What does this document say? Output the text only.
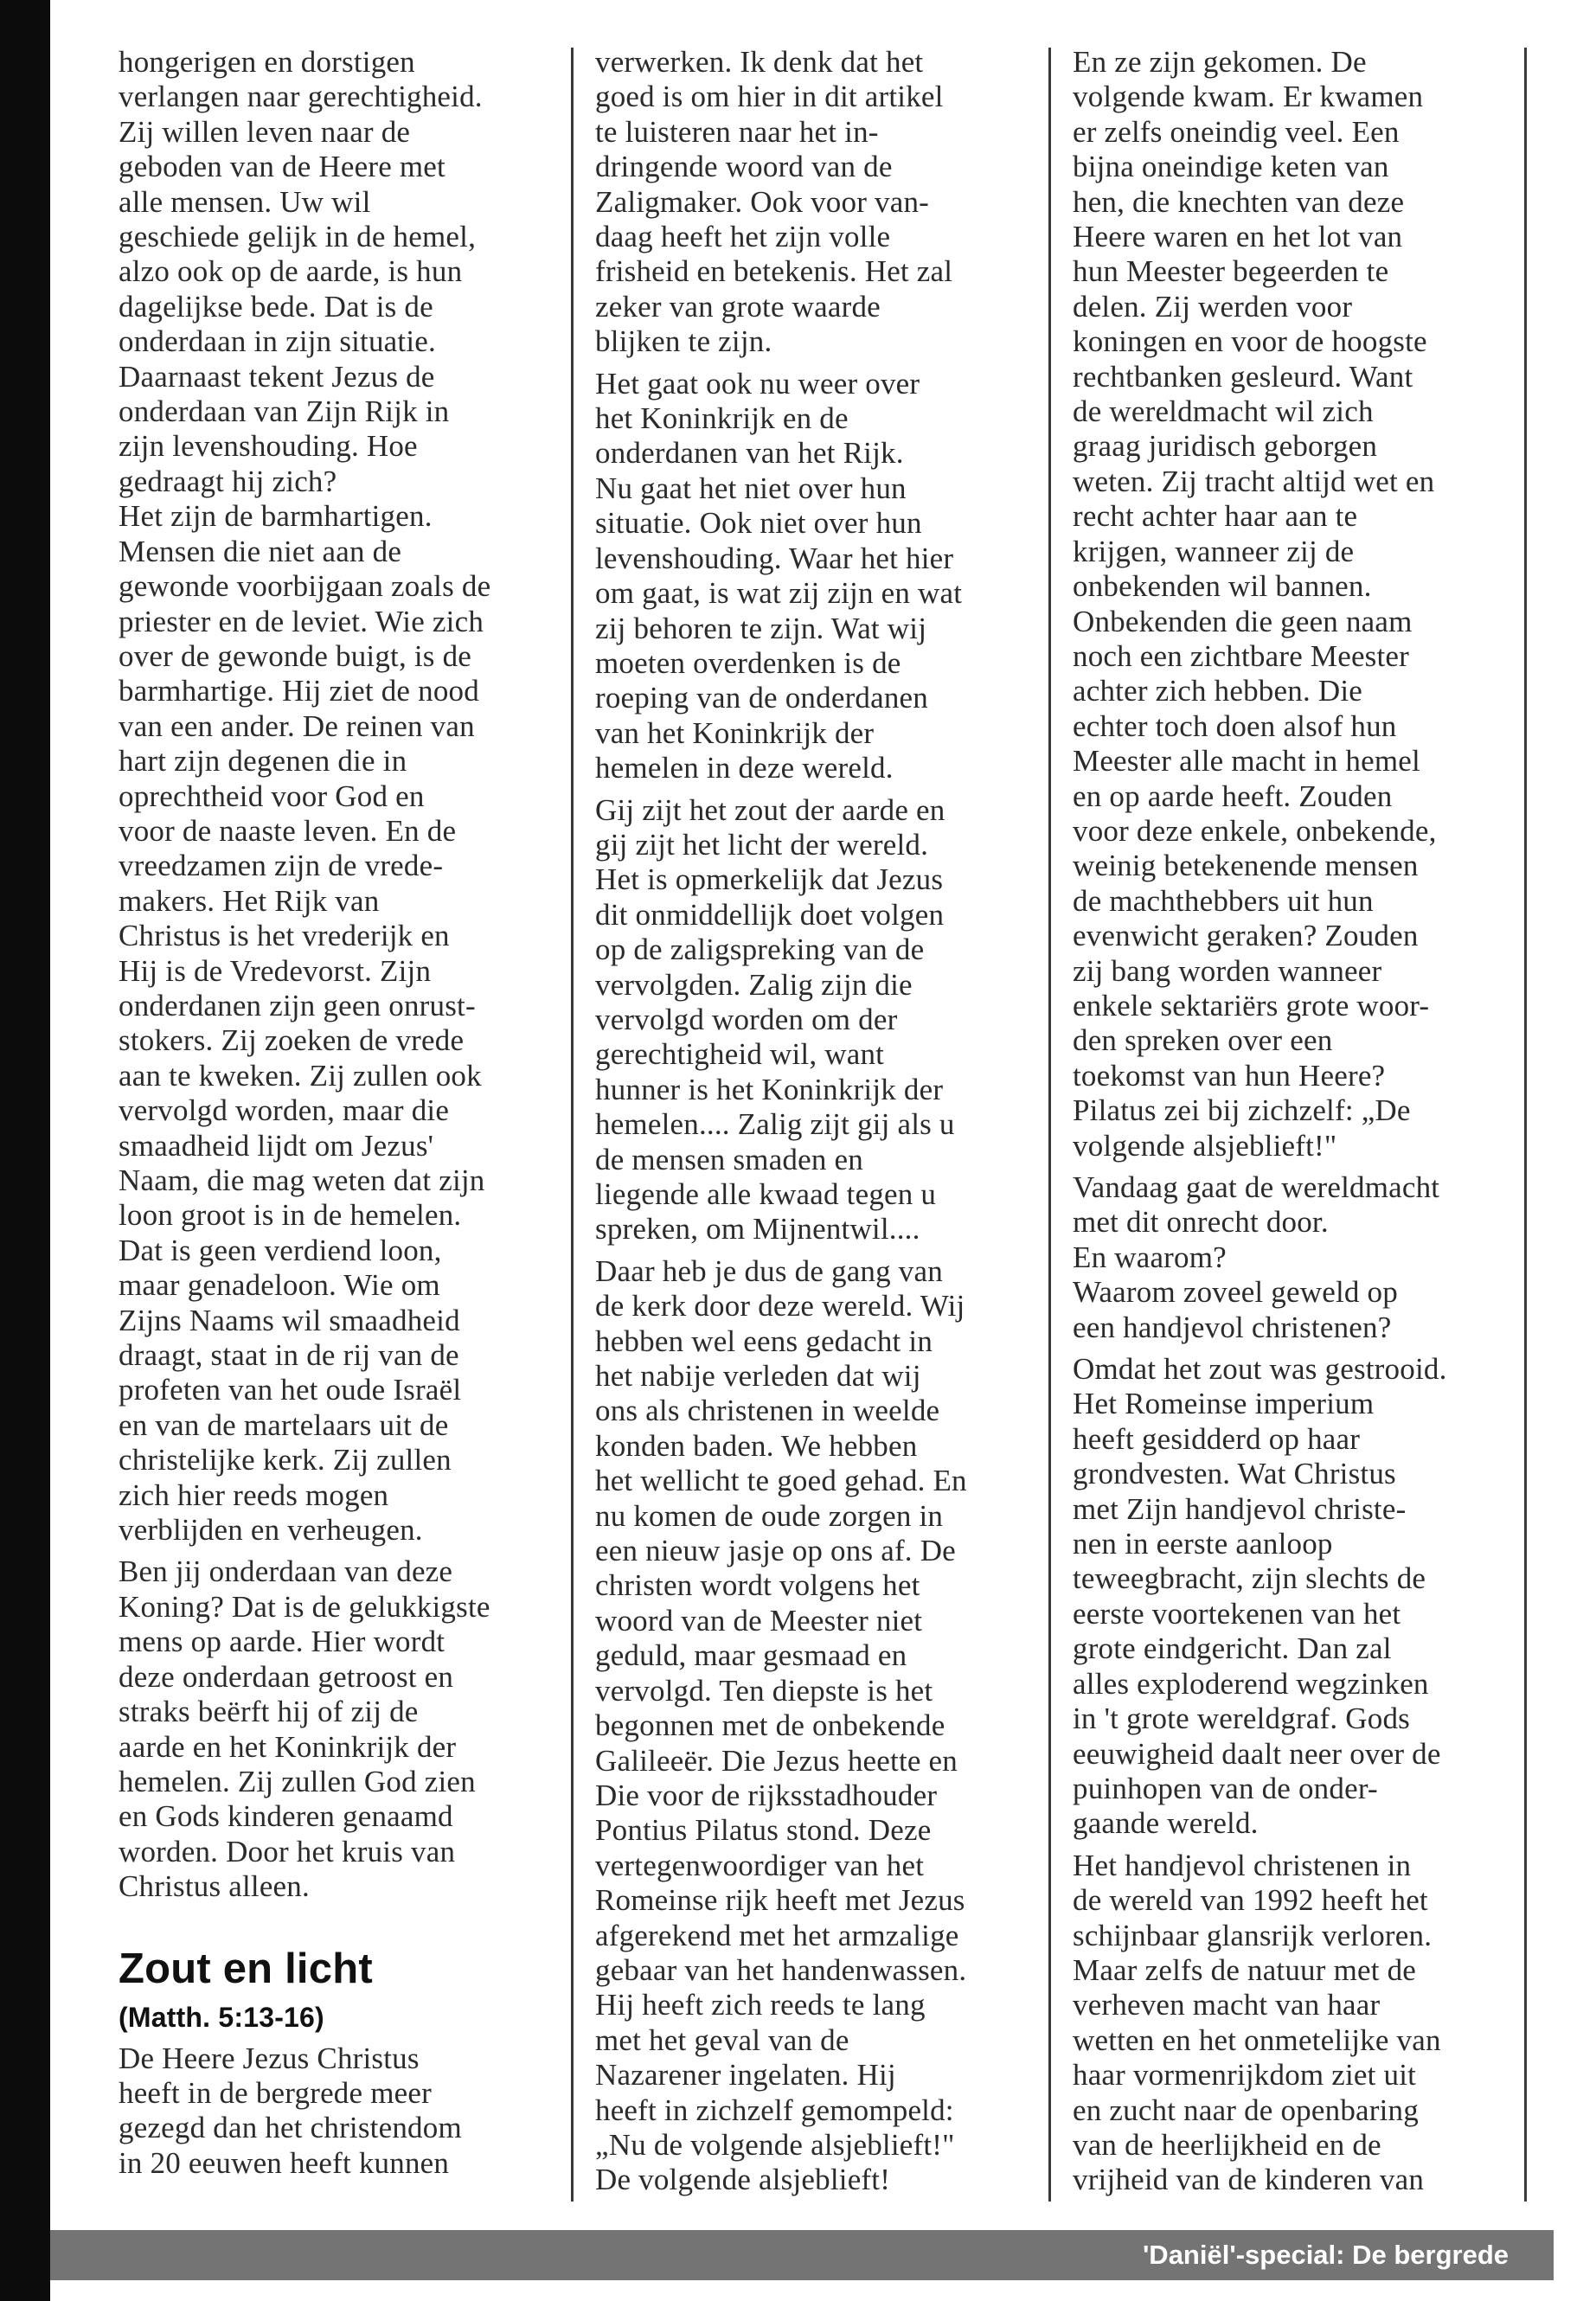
hongerigen en dorstigen
verlangen naar gerechtigheid.
Zij willen leven naar de
geboden van de Heere met
alle mensen. Uw wil
geschiede gelijk in de hemel,
alzo ook op de aarde, is hun
dagelijkse bede. Dat is de
onderdaan in zijn situatie.
Daarnaast tekent Jezus de
onderdaan van Zijn Rijk in
zijn levenshouding. Hoe
gedraagt hij zich?
Het zijn de barmhartigen.
Mensen die niet aan de
gewonde voorbijgaan zoals de
priester en de leviet. Wie zich
over de gewonde buigt, is de
barmhartige. Hij ziet de nood
van een ander. De reinen van
hart zijn degenen die in
oprechtheid voor God en
voor de naaste leven. En de
vreedzamen zijn de vrede-
makers. Het Rijk van
Christus is het vrederijk en
Hij is de Vredevorst. Zijn
onderdanen zijn geen onrust-
stokers. Zij zoeken de vrede
aan te kweken. Zij zullen ook
vervolgd worden, maar die
smaadheid lijdt om Jezus'
Naam, die mag weten dat zijn
loon groot is in de hemelen.
Dat is geen verdiend loon,
maar genadeloon. Wie om
Zijns Naams wil smaadheid
draagt, staat in de rij van de
profeten van het oude Israël
en van de martelaars uit de
christelijke kerk. Zij zullen
zich hier reeds mogen
verblijden en verheugen.

Ben jij onderdaan van deze
Koning? Dat is de gelukkigste
mens op aarde. Hier wordt
deze onderdaan getroost en
straks beërft hij of zij de
aarde en het Koninkrijk der
hemelen. Zij zullen God zien
en Gods kinderen genaamd
worden. Door het kruis van
Christus alleen.

Zout en licht

(Matth. 5:13-16)

De Heere Jezus Christus
heeft in de bergrede meer
gezegd dan het christendom
in 20 eeuwen heeft kunnen

verwerken. Ik denk dat het
goed is om hier in dit artikel
te luisteren naar het in-
dringende woord van de
Zaligmaker. Ook voor van-
daag heeft het zijn volle
frisheid en betekenis. Het zal
zeker van grote waarde
blijken te zijn.

Het gaat ook nu weer over
het Koninkrijk en de
onderdanen van het Rijk.
Nu gaat het niet over hun
situatie. Ook niet over hun
levenshouding. Waar het hier
om gaat, is wat zij zijn en wat
zij behoren te zijn. Wat wij
moeten overdenken is de
roeping van de onderdanen
van het Koninkrijk der
hemelen in deze wereld.

Gij zijt het zout der aarde en
gij zijt het licht der wereld.
Het is opmerkelijk dat Jezus
dit onmiddellijk doet volgen
op de zaligspreking van de
vervolgden. Zalig zijn die
vervolgd worden om der
gerechtigheid wil, want
hunner is het Koninkrijk der
hemelen.... Zalig zijt gij als u
de mensen smaden en
liegende alle kwaad tegen u
spreken, om Mijnentwil....

Daar heb je dus de gang van
de kerk door deze wereld. Wij
hebben wel eens gedacht in
het nabije verleden dat wij
ons als christenen in weelde
konden baden. We hebben
het wellicht te goed gehad. En
nu komen de oude zorgen in
een nieuw jasje op ons af. De
christen wordt volgens het
woord van de Meester niet
geduld, maar gesmaad en
vervolgd. Ten diepste is het
begonnen met de onbekende
Galileeër. Die Jezus heette en
Die voor de rijksstadhouder
Pontius Pilatus stond. Deze
vertegenwoordiger van het
Romeinse rijk heeft met Jezus
afgerekend met het armzalige
gebaar van het handenwassen.
Hij heeft zich reeds te lang
met het geval van de
Nazarener ingelaten. Hij
heeft in zichzelf gemompeld:
„Nu de volgende alsjeblieft!"
De volgende alsjeblieft!

En ze zijn gekomen. De
volgende kwam. Er kwamen
er zelfs oneindig veel. Een
bijna oneindige keten van
hen, die knechten van deze
Heere waren en het lot van
hun Meester begeerden te
delen. Zij werden voor
koningen en voor de hoogste
rechtbanken gesleurd. Want
de wereldmacht wil zich
graag juridisch geborgen
weten. Zij tracht altijd wet en
recht achter haar aan te
krijgen, wanneer zij de
onbekenden wil bannen.
Onbekenden die geen naam
noch een zichtbare Meester
achter zich hebben. Die
echter toch doen alsof hun
Meester alle macht in hemel
en op aarde heeft. Zouden
voor deze enkele, onbekende,
weinig betekenende mensen
de machthebbers uit hun
evenwicht geraken? Zouden
zij bang worden wanneer
enkele sektariërs grote woor-
den spreken over een
toekomst van hun Heere?
Pilatus zei bij zichzelf: „De
volgende alsjeblieft!"

Vandaag gaat de wereldmacht
met dit onrecht door.
En waarom?
Waarom zoveel geweld op
een handjevol christenen?

Omdat het zout was gestrooid.
Het Romeinse imperium
heeft gesidderd op haar
grondvesten. Wat Christus
met Zijn handjevol christe-
nen in eerste aanloop
teweegbracht, zijn slechts de
eerste voortekenen van het
grote eindgericht. Dan zal
alles exploderend wegzinken
in 't grote wereldgraf. Gods
eeuwigheid daalt neer over de
puinhopen van de onder-
gaande wereld.

Het handjevol christenen in
de wereld van 1992 heeft het
schijnbaar glansrijk verloren.
Maar zelfs de natuur met de
verheven macht van haar
wetten en het onmetelijke van
haar vormenrijkdom ziet uit
en zucht naar de openbaring
van de heerlijkheid en de
vrijheid van de kinderen van

'Daniël'-special: De bergrede
